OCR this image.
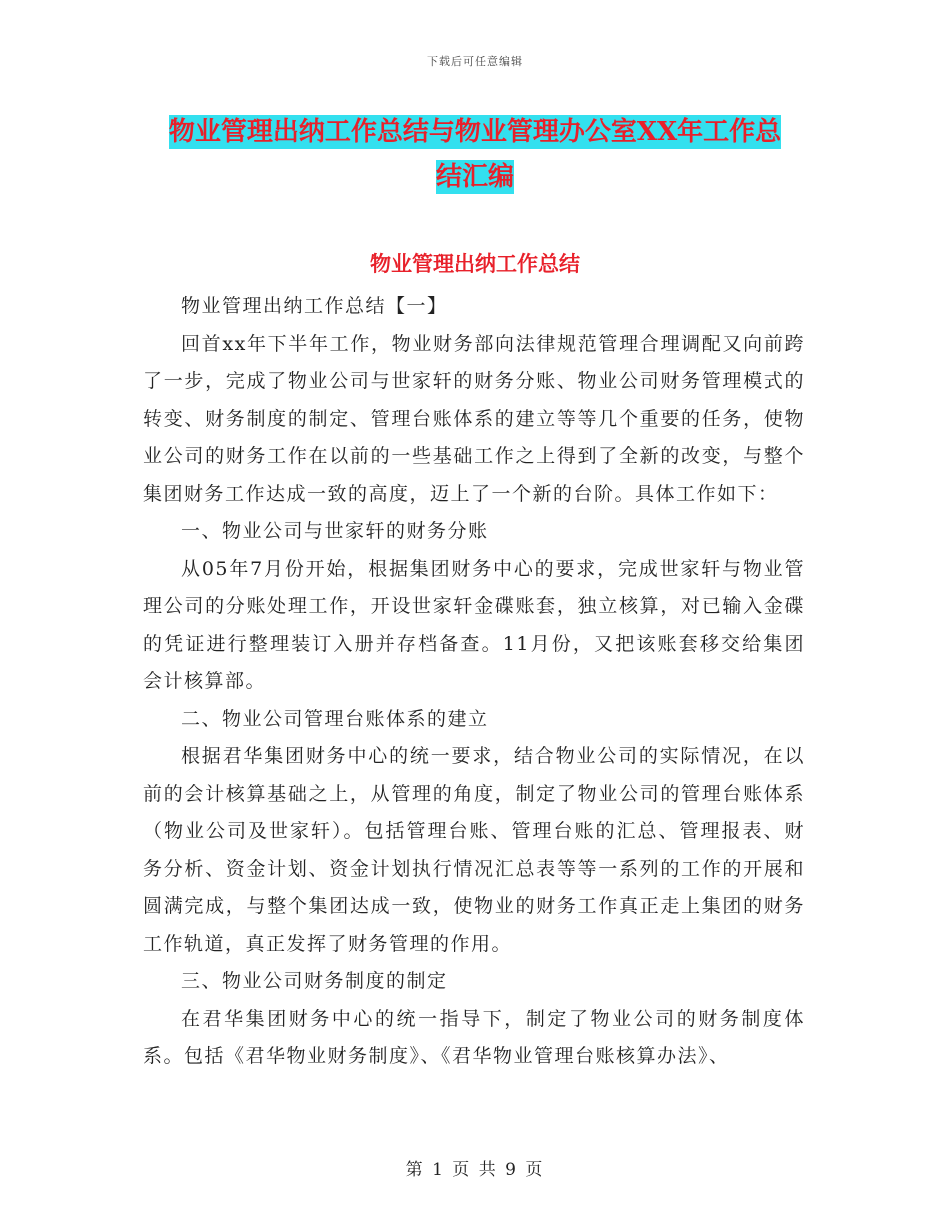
下载后可任意编辑
物业管理出纳工作总结与物业管理办公室XX年工作总
结汇编
物业管理出纳工作总结

物业管理出纳工作总结【一】

回首xx年下半年工作，物业财务部向法律规范管理合理调配又向前跨了一步，完成了物业公司与世家轩的财务分账、物业公司财务管理模式的转变、财务制度的制定、管理台账体系的建立等等几个重要的任务，使物业公司的财务工作在以前的一些基础工作之上得到了全新的改变，与整个集团财务工作达成一致的高度，迈上了一个新的台阶。具体工作如下：

一、物业公司与世家轩的财务分账

从05年7月份开始，根据集团财务中心的要求，完成世家轩与物业管理公司的分账处理工作，开设世家轩金碟账套，独立核算，对已输入金碟的凭证进行整理装订入册并存档备查。11月份，又把该账套移交给集团会计核算部。

二、物业公司管理台账体系的建立

根据君华集团财务中心的统一要求，结合物业公司的实际情况，在以前的会计核算基础之上，从管理的角度，制定了物业公司的管理台账体系（物业公司及世家轩）。包括管理台账、管理台账的汇总、管理报表、财务分析、资金计划、资金计划执行情况汇总表等等一系列的工作的开展和圆满完成，与整个集团达成一致，使物业的财务工作真正走上集团的财务工作轨道，真正发挥了财务管理的作用。

三、物业公司财务制度的制定

在君华集团财务中心的统一指导下，制定了物业公司的财务制度体系。包括《君华物业财务制度》、《君华物业管理台账核算办法》、

第 1 页 共 9 页
